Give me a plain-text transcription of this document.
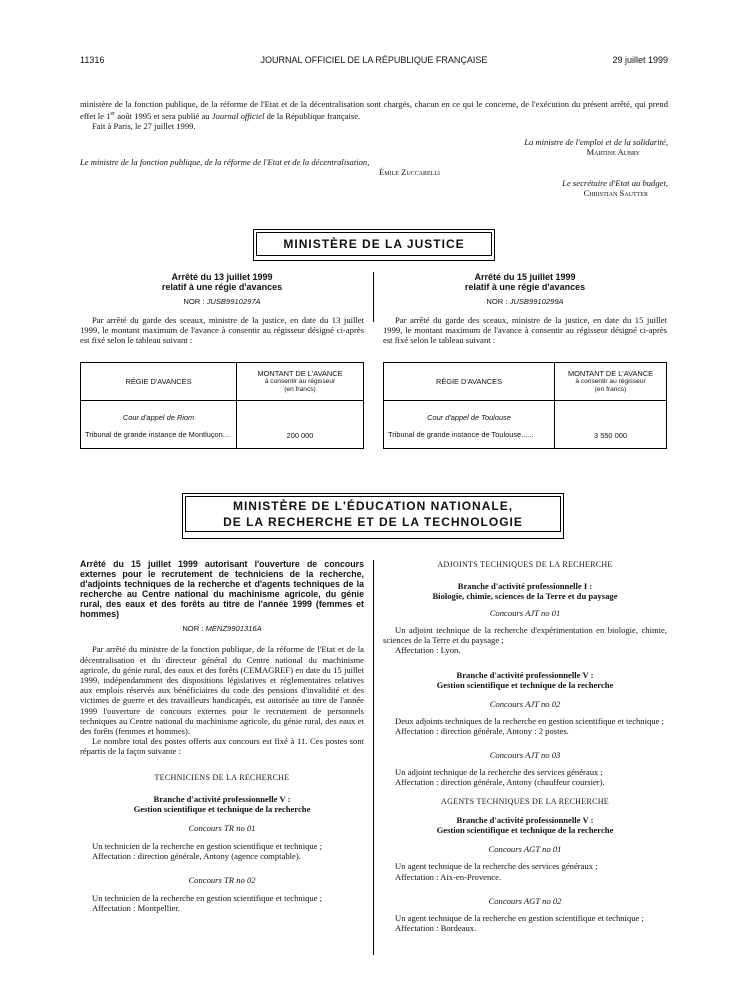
11316	JOURNAL OFFICIEL DE LA RÉPUBLIQUE FRANÇAISE	29 juillet 1999

ministère de la fonction publique, de la réforme de l'Etat et de la décentralisation sont chargés, chacun en ce qui le concerne, de l'exécution du présent arrêté, qui prend effet le 1er août 1995 et sera publié au Journal officiel de la République française.

Fait à Paris, le 27 juillet 1999.

La ministre de l'emploi et de la solidarité,
Martine Aubry
Le ministre de la fonction publique, de la réforme de l'Etat et de la décentralisation,
Émile Zuccarelli
Le secrétaire d'Etat au budget,
Christian Sautter
MINISTÈRE DE LA JUSTICE
Arrêté du 13 juillet 1999
relatif à une régie d'avances
NOR : JUSB9910297A

Par arrêté du garde des sceaux, ministre de la justice, en date du 13 juillet 1999, le montant maximum de l'avance à consentir au régisseur désigné ci-après est fixé selon le tableau suivant :

RÉGIE D'AVANCES	MONTANT DE L'AVANCE
à consentir au régisseur
(en francs)

Cour d'appel de Riom
Tribunal de grande instance de Montluçon....	200 000
Arrêté du 15 juillet 1999
relatif à une régie d'avances
NOR : JUSB9910299A

Par arrêté du garde des sceaux, ministre de la justice, en date du 15 juillet 1999, le montant maximum de l'avance à consentir au régisseur désigné ci-après est fixé selon le tableau suivant :

RÉGIE D'AVANCES	MONTANT DE L'AVANCE
à consentir au régisseur
(en francs)

Cour d'appel de Toulouse
Tribunal de grande instance de Toulouse......	3 550 000
MINISTÈRE DE L'ÉDUCATION NATIONALE,
DE LA RECHERCHE ET DE LA TECHNOLOGIE
Arrêté du 15 juillet 1999 autorisant l'ouverture de concours externes pour le recrutement de techniciens de la recherche, d'adjoints techniques de la recherche et d'agents techniques de la recherche au Centre national du machinisme agricole, du génie rural, des eaux et des forêts au titre de l'année 1999 (femmes et hommes)
NOR : MENZ9901316A

Par arrêté du ministre de la fonction publique, de la réforme de l'Etat et de la décentralisation et du directeur général du Centre national du machinisme agricole, du génie rural, des eaux et des forêts (CEMAGREF) en date du 15 juillet 1999, indépendamment des dispositions législatives et réglementaires relatives aux emplois réservés aux bénéficiaires du code des pensions d'invalidité et des victimes de guerre et des travailleurs handicapés, est autorisée au titre de l'année 1999 l'ouverture de concours externes pour le recrutement de personnels techniques au Centre national du machinisme agricole, du génie rural, des eaux et des forêts (femmes et hommes).

Le nombre total des postes offerts aux concours est fixé à 11. Ces postes sont répartis de la façon suivante :

TECHNICIENS DE LA RECHERCHE
Branche d'activité professionnelle V :
Gestion scientifique et technique de la recherche
Concours TR no 01

Un technicien de la recherche en gestion scientifique et technique ;

Affectation : direction générale, Antony (agence comptable).

Concours TR no 02

Un technicien de la recherche en gestion scientifique et technique ;

Affectation : Montpellier.

ADJOINTS TECHNIQUES DE LA RECHERCHE
Branche d'activité professionnelle I :
Biologie, chimie, sciences de la Terre et du paysage
Concours AJT no 01

Un adjoint technique de la recherche d'expérimentation en biologie, chimie, sciences de la Terre et du paysage ;

Affectation : Lyon.

Branche d'activité professionnelle V :
Gestion scientifique et technique de la recherche
Concours AJT no 02

Deux adjoints techniques de la recherche en gestion scientifique et technique ;

Affectation : direction générale, Antony : 2 postes.

Concours AJT no 03

Un adjoint technique de la recherche des services généraux ;

Affectation : direction générale, Antony (chauffeur coursier).

AGENTS TECHNIQUES DE LA RECHERCHE
Branche d'activité professionnelle V :
Gestion scientifique et technique de la recherche
Concours AGT no 01

Un agent technique de la recherche des services généraux ;

Affectation : Aix-en-Provence.

Concours AGT no 02

Un agent technique de la recherche en gestion scientifique et technique ;

Affectation : Bordeaux.
